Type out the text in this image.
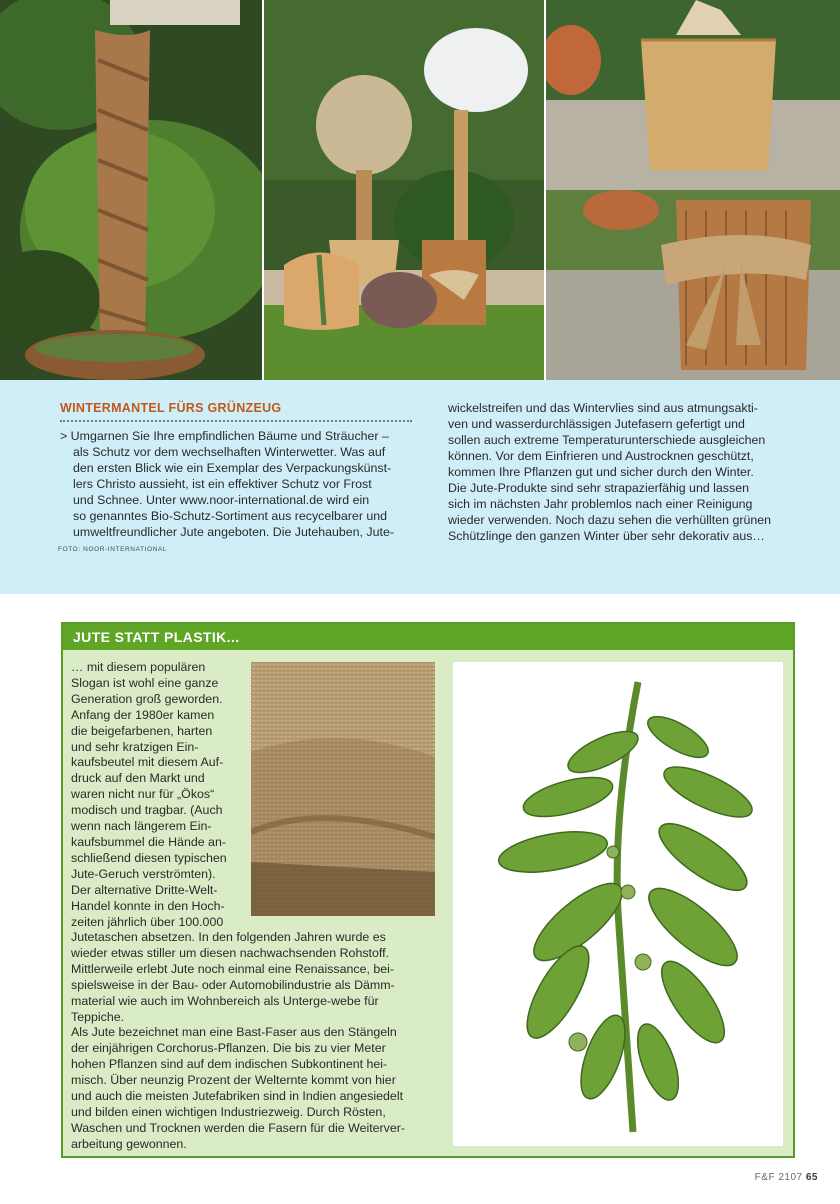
WINTERMANTEL FÜRS GRÜNZEUG

> Umgarnen Sie Ihre empfindlichen Bäume und Sträucher –

als Schutz vor dem wechselhaften Winterwetter. Was auf

den ersten Blick wie ein Exemplar des Verpackungskünst-

lers Christo aussieht, ist ein effektiver Schutz vor Frost

und Schnee. Unter www.noor-international.de wird ein

so genanntes Bio-Schutz-Sortiment aus recycelbarer und

umweltfreundlicher Jute angeboten. Die Jutehauben, Jute-

FOTO: NOOR-INTERNATIONAL

wickelstreifen und das Wintervlies sind aus atmungsakti-

ven und wasserdurchlässigen Jutefasern gefertigt und

sollen auch extreme Temperaturunterschiede ausgleichen

können. Vor dem Einfrieren und Austrocknen geschützt,

kommen Ihre Pflanzen gut und sicher durch den Winter.

Die Jute-Produkte sind sehr strapazierfähig und lassen

sich im nächsten Jahr problemlos nach einer Reinigung

wieder verwenden. Noch dazu sehen die verhüllten grünen

Schützlinge den ganzen Winter über sehr dekorativ aus…

JUTE STATT PLASTIK...
… mit diesem populären
Slogan ist wohl eine ganze
Generation groß geworden.
Anfang der 1980er kamen
die beigefarbenen, harten
und sehr kratzigen Ein-
kaufsbeutel mit diesem Auf-
druck auf den Markt und
waren nicht nur für „Ökos“
modisch und tragbar. (Auch
wenn nach längerem Ein-
kaufsbummel die Hände an-
schließend diesen typischen
Jute-Geruch verströmten).
Der alternative Dritte-Welt-
Handel konnte in den Hoch-
zeiten jährlich über 100.000
Jutetaschen absetzen. In den folgenden Jahren wurde es
wieder etwas stiller um diesen nachwachsenden Rohstoff.
Mittlerweile erlebt Jute noch einmal eine Renaissance, bei-
spielsweise in der Bau- oder Automobilindustrie als Dämm-
material wie auch im Wohnbereich als Unterge-webe für
Teppiche.
Als Jute bezeichnet man eine Bast-Faser aus den Stängeln
der einjährigen Corchorus-Pflanzen. Die bis zu vier Meter
hohen Pflanzen sind auf dem indischen Subkontinent hei-
misch. Über neunzig Prozent der Welternte kommt von hier
und auch die meisten Jutefabriken sind in Indien angesiedelt
und bilden einen wichtigen Industriezweig. Durch Rösten,
Waschen und Trocknen werden die Fasern für die Weiterver-
arbeitung gewonnen.
F&F 2107 65
